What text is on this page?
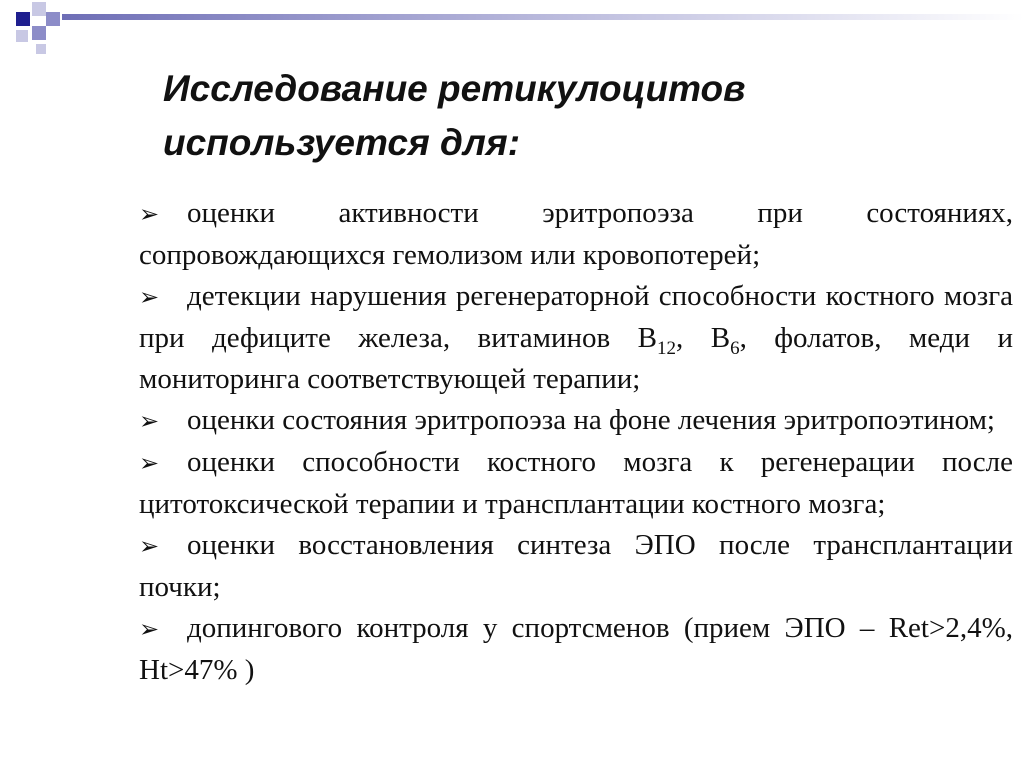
Исследование ретикулоцитов
используется для:
➢ оценки активности эритропоэза при состояниях, сопровождающихся гемолизом или кровопотерей;
➢ детекции нарушения регенераторной способности костного мозга при дефиците железа, витаминов $B_{12}$, $B_6$, фолатов, меди и мониторинга соответствующей терапии;
➢ оценки состояния эритропоэза на фоне лечения эритропоэтином;
➢ оценки способности костного мозга к регенерации после цитотоксической терапии и трансплантации костного мозга;
➢ оценки восстановления синтеза ЭПО после трансплантации почки;
➢ допингового контроля у спортсменов (прием ЭПО – Ret>2,4%, Ht>47% )
